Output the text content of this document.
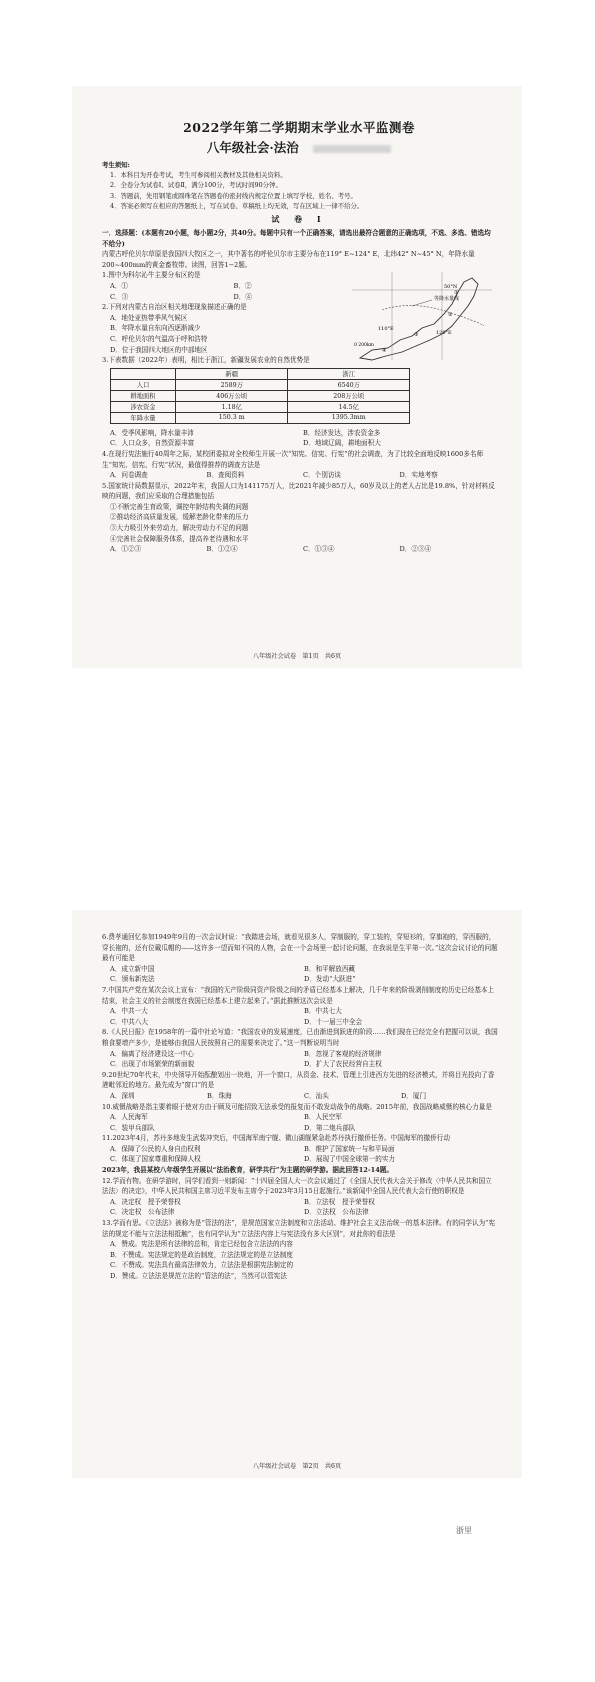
2022学年第二学期期末学业水平监测卷
八年级社会·法治
考生须知:
1．本科目为开卷考试，考生可参阅相关教材及其他相关资料。
2．全卷分为试卷Ⅰ、试卷Ⅱ，满分100分，考试时间90分钟。
3．答题前，先用钢笔或圆珠笔在答题卷的密封线内规定位置上填写学校、姓名、考号。
4．答案必须写在相应的答题纸上，写在试卷、草稿纸上均无效，写在区域上一律不给分。
试 卷 Ⅰ
一．选择题：(本题有20小题，每小题2分，共40分。每题中只有一个正确答案，请选出最符合题意的正确选项，不选、多选、错选均不给分)
内蒙古呼伦贝尔草原是我国四大牧区之一，其中著名的呼伦贝尔市主要分布在119° E~124° E，北纬42° N~45° N，年降水量200~400mm的黄金畜牧带。读图，回答1−2题。
等降水量线
50°N
110°E
120°E
0 200km
①
②
③
④
1.图中为科尔沁牛主要分布区的是
A．①	B．②
C．③	D．④
2.下列对内蒙古自治区相关地理现象描述正确的是
A．地处亚热带季风气候区
B．年降水量自东向西逐渐减少
C．呼伦贝尔的气温高于呼和浩特
D．位于我国四大地区的中部地区
3.下表数据（2022年）表明，相比于浙江，新疆发展农业的自然优势是
	新疆	浙江
人口	2589万	6540万
耕地面积	406万公顷	208万公顷
涉农资金	1.18亿	14.5亿
年降水量	150.3 m	1395.3mm
A．受季风影响，降水量丰沛	B．经济发达，涉农资金多
C．人口众多，自然资源丰富	D．地域辽阔，耕地面积大
4.在现行宪法施行40周年之际，某校团委拟对全校师生开展一次“知宪、信宪、行宪”的社会调查，为了比较全面地反映1600多名师生“知宪、信宪、行宪”状况，最值得推荐的调查方法是
A．问卷调查	B．查阅资料	C．个别访谈	D．实地考察
5.国家统计局数据显示，2022年末，我国人口为141175万人，比2021年减少85万人，60岁及以上的老人占比是19.8%，针对材料反映的问题，我们应采取的合理措施包括
①不断完善生育政策，调控年龄结构失调的问题
②推动经济高质量发展，缓解老龄化带来的压力
③大力吸引外来劳动力，解决劳动力不足的问题
④完善社会保障服务体系，提高养老待遇和水平
A．①②③	B．①②④	C．①③④	D．②③④
八年级社会试卷　第1页　共6页
6.费孝通回忆参加1949年9月的一次会议时说：“我踏进会场，就看见很多人，穿制服的，穿工装的，穿短衫的，穿旗袍的，穿西服的，穿长袍的，还有位戴瓜帽的——这许多一望而知不同的人物，会在一个会场里一起讨论问题，在我说是生平第一次。”这次会议讨论的问题最有可能是
A．成立新中国	B．和平解放西藏
C．颁布新宪法	D．发动“大跃进”
7.中国共产党在某次会议上宣布：“我国的无产阶级同资产阶级之间的矛盾已经基本上解决，几千年来的阶级剥削制度的历史已经基本上结束，社会主义的社会制度在我国已经基本上建立起来了。”据此推断这次会议是
A．中共一大	B．中共七大
C．中共八大	D．十一届三中全会
8.《人民日报》在1958年的一篇中社论写道：“我国农业的发展速度，已由渐进到跃进的阶段……我们现在已经完全有把握可以说，我国粮食要增产多少，是能够由我国人民按照自己的需要来决定了。”这一判断说明当时
A．偏离了经济建设这一中心	B．忽视了客观的经济规律
C．出现了市场繁荣的新面貌	D．扩大了农民经营自主权
9.20世纪70年代末，中央领导开始酝酿划出一块地，开一个窗口，从资金、技术、管理上引进西方先进的经济模式，并将目光投向了香港毗邻近的地方。最先成为“窗口”的是
A．深圳	B．珠海	C．汕头	D．厦门
10.威慑战略是指主要着眼于使对方由于顾及可能招致无法承受的报复而不敢发动战争的战略。2015年前，我国战略威慑的核心力量是
A．人民海军	B．人民空军
C．装甲兵部队	D．第二炮兵部队
11.2023年4月，苏丹多地发生武装冲突后，中国海军南宁舰、微山湖舰紧急赴苏丹执行撤侨任务。中国海军的撤侨行动
A．保障了公民的人身自由权利	B．维护了国家统一与和平局面
C．体现了国家尊重和保障人权	D．展现了中国全球第一的实力
2023年，我县某校八年级学生开展以“法治教育，研学共行”为主题的研学游。据此回答12-14题。
12.学而有物。在研学游时，同学们看到一则新闻：“十四届全国人大一次会议通过了《全国人民代表大会关于修改〈中华人民共和国立法法〉的决定》，中华人民共和国主席习近平发布主席令于2023年3月15日起施行。”该新闻中全国人民代表大会行使的职权是
A．决定权　授予荣誉权	B．立法权　授予荣誉权
C．决定权　公布法律	D．立法权　公布法律
13.学而有思。《立法法》被称为是“管法的法”，是规范国家立法制度和立法活动、维护社会主义法治统一的基本法律。有的同学认为“宪法的规定不能与立法法相抵触”，也有同学认为“立法法内容上与宪法没有多大区别”，对此你的看法是
A．赞成。宪法是所有法律的总和，肯定已经包含立法法的内容
B．不赞成。宪法规定的是政治制度，立法法规定的是立法制度
C．不赞成。宪法具有最高法律效力，立法法是根据宪法制定的
D．赞成。立法法是规范立法的“管法的法”，当然可以管宪法
八年级社会试卷　第2页　共6页
浙里
